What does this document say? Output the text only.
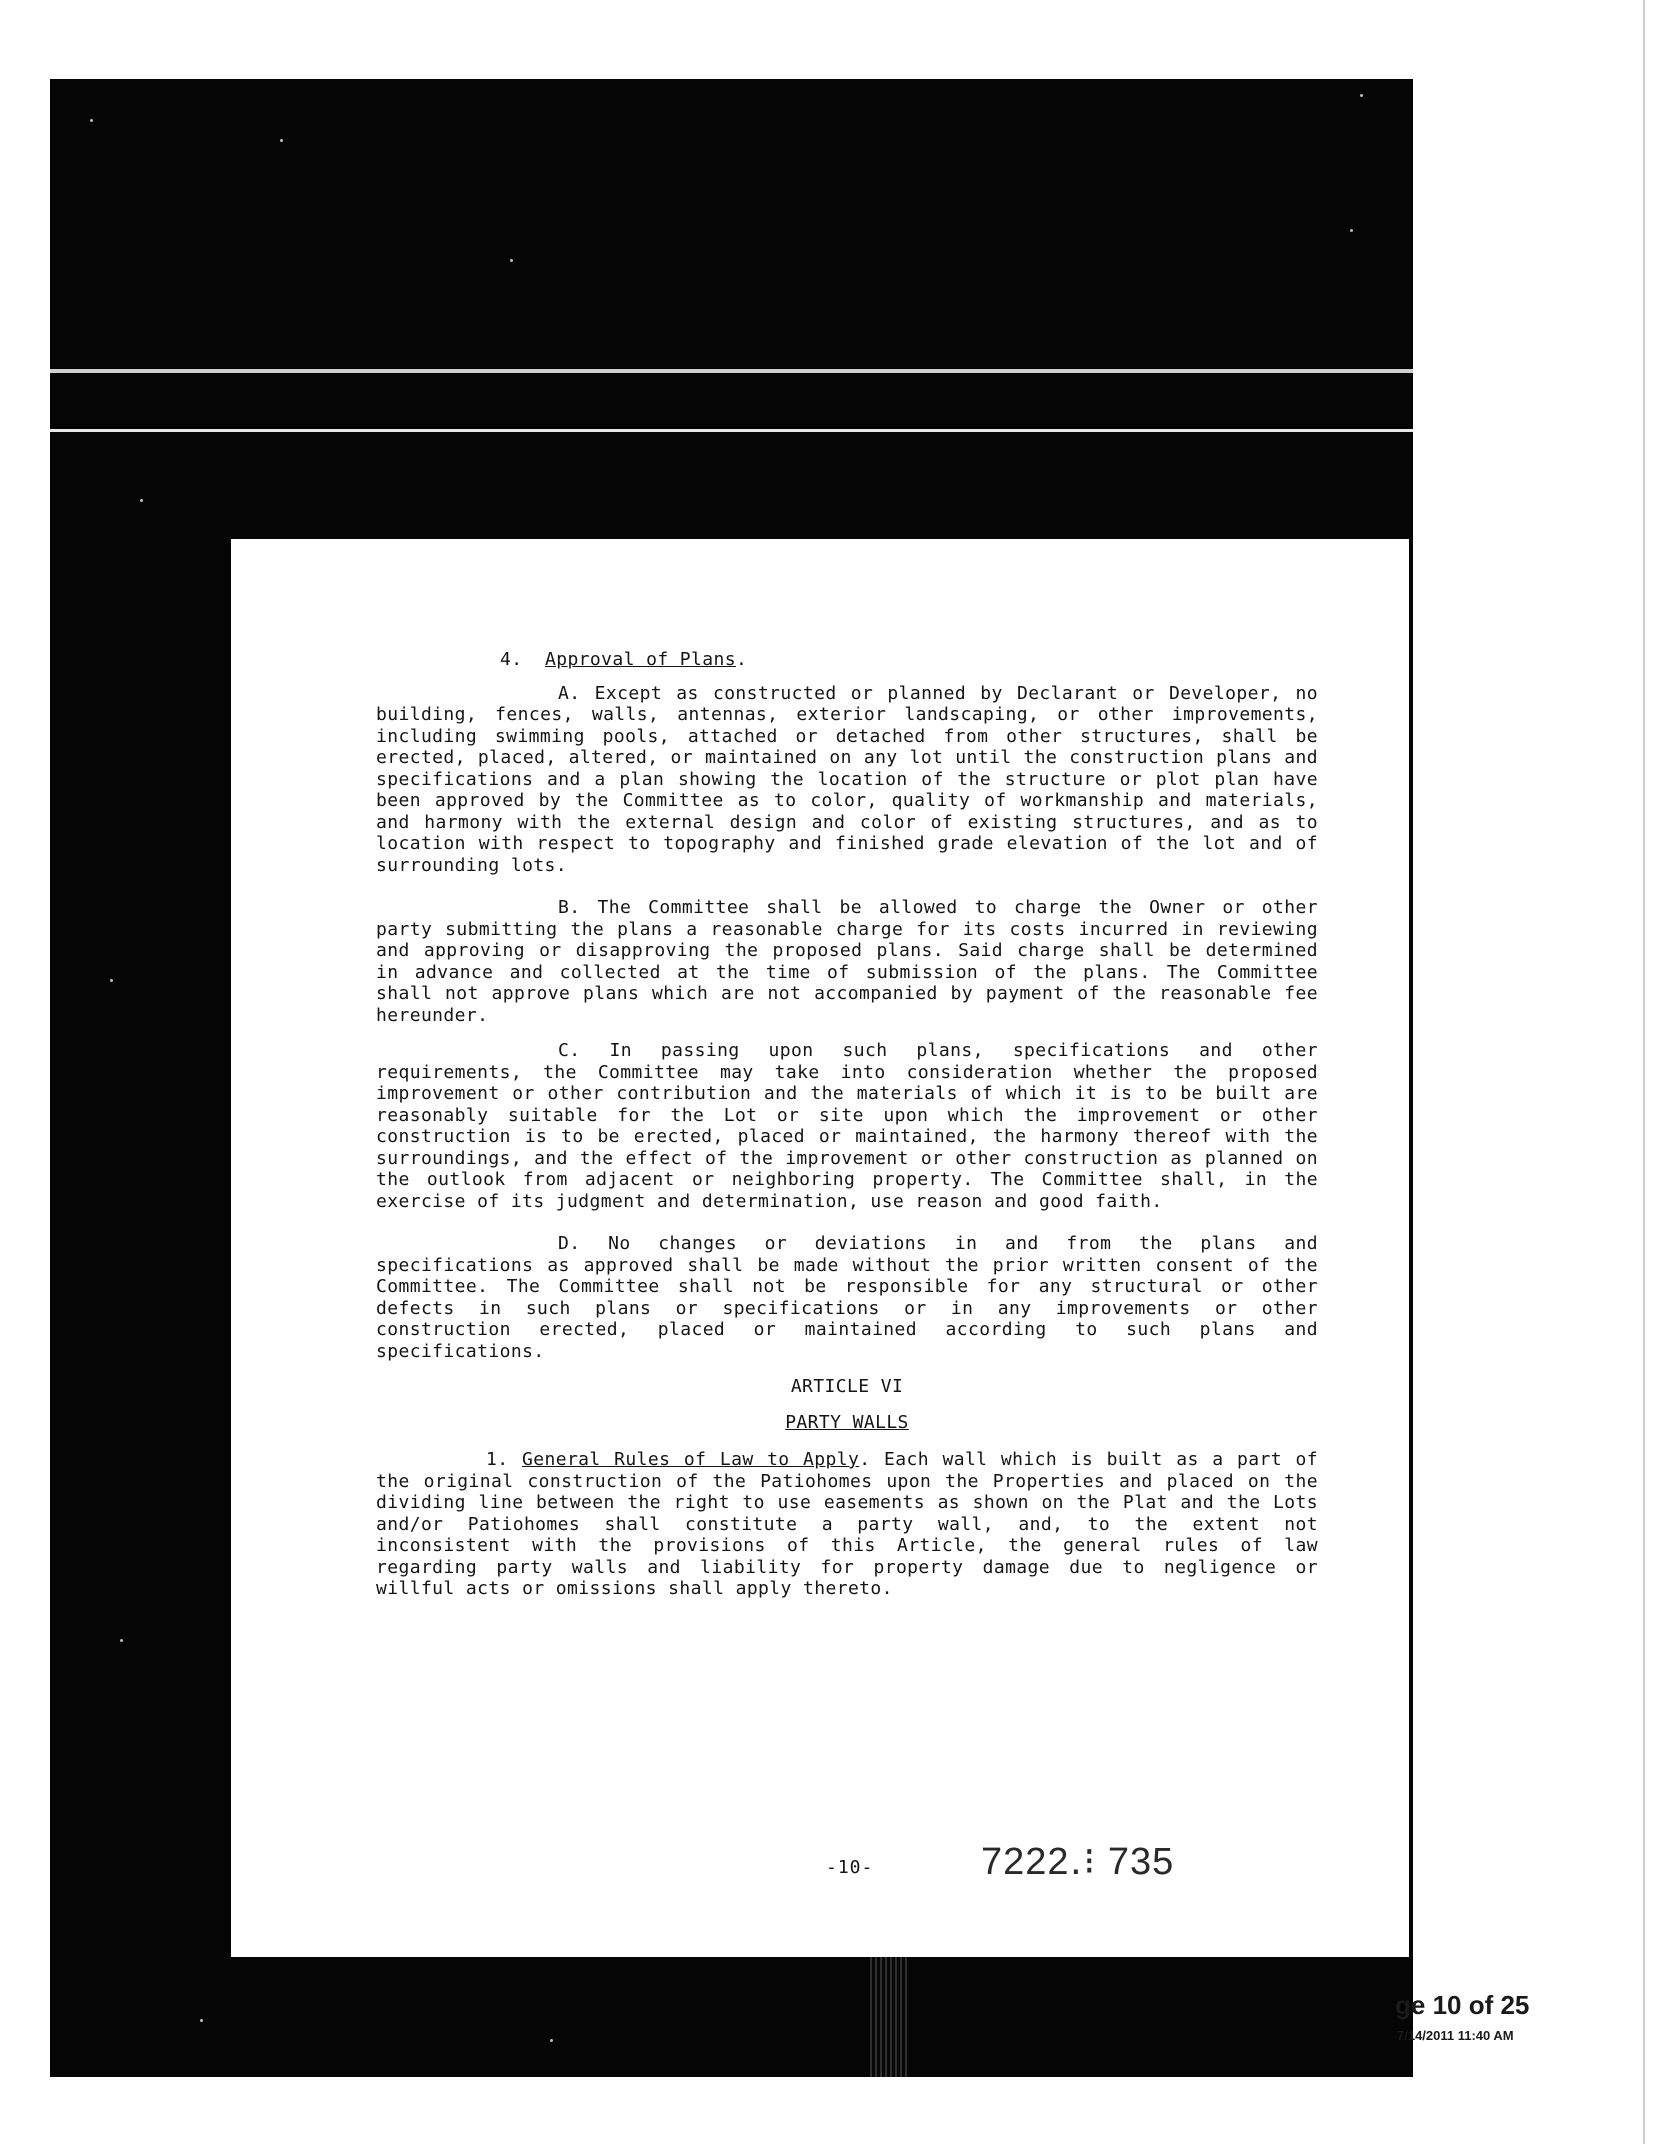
4. Approval of Plans.

A. Except as constructed or planned by Declarant or Developer, no building, fences, walls, antennas, exterior landscaping, or other improvements, including swimming pools, attached or detached from other structures, shall be erected, placed, altered, or maintained on any lot until the construction plans and specifications and a plan showing the location of the structure or plot plan have been approved by the Committee as to color, quality of workmanship and materials, and harmony with the external design and color of existing structures, and as to location with respect to topography and finished grade elevation of the lot and of surrounding lots.

B. The Committee shall be allowed to charge the Owner or other party submitting the plans a reasonable charge for its costs incurred in reviewing and approving or disapproving the proposed plans. Said charge shall be determined in advance and collected at the time of submission of the plans. The Committee shall not approve plans which are not accompanied by payment of the reasonable fee hereunder.

C. In passing upon such plans, specifications and other requirements, the Committee may take into consideration whether the proposed improvement or other contribution and the materials of which it is to be built are reasonably suitable for the Lot or site upon which the improvement or other construction is to be erected, placed or maintained, the harmony thereof with the surroundings, and the effect of the improvement or other construction as planned on the outlook from adjacent or neighboring property. The Committee shall, in the exercise of its judgment and determination, use reason and good faith.

D. No changes or deviations in and from the plans and specifications as approved shall be made without the prior written consent of the Committee. The Committee shall not be responsible for any structural or other defects in such plans or specifications or in any improvements or other construction erected, placed or maintained according to such plans and specifications.

ARTICLE VI
PARTY WALLS

1. General Rules of Law to Apply. Each wall which is built as a part of the original construction of the Patiohomes upon the Properties and placed on the dividing line between the right to use easements as shown on the Plat and the Lots and/or Patiohomes shall constitute a party wall, and, to the extent not inconsistent with the provisions of this Article, the general rules of law regarding party walls and liability for property damage due to negligence or willful acts or omissions shall apply thereto.

-10-	7222․⁝ 735
ge 10 of 25
7/14/2011 11:40 AM
